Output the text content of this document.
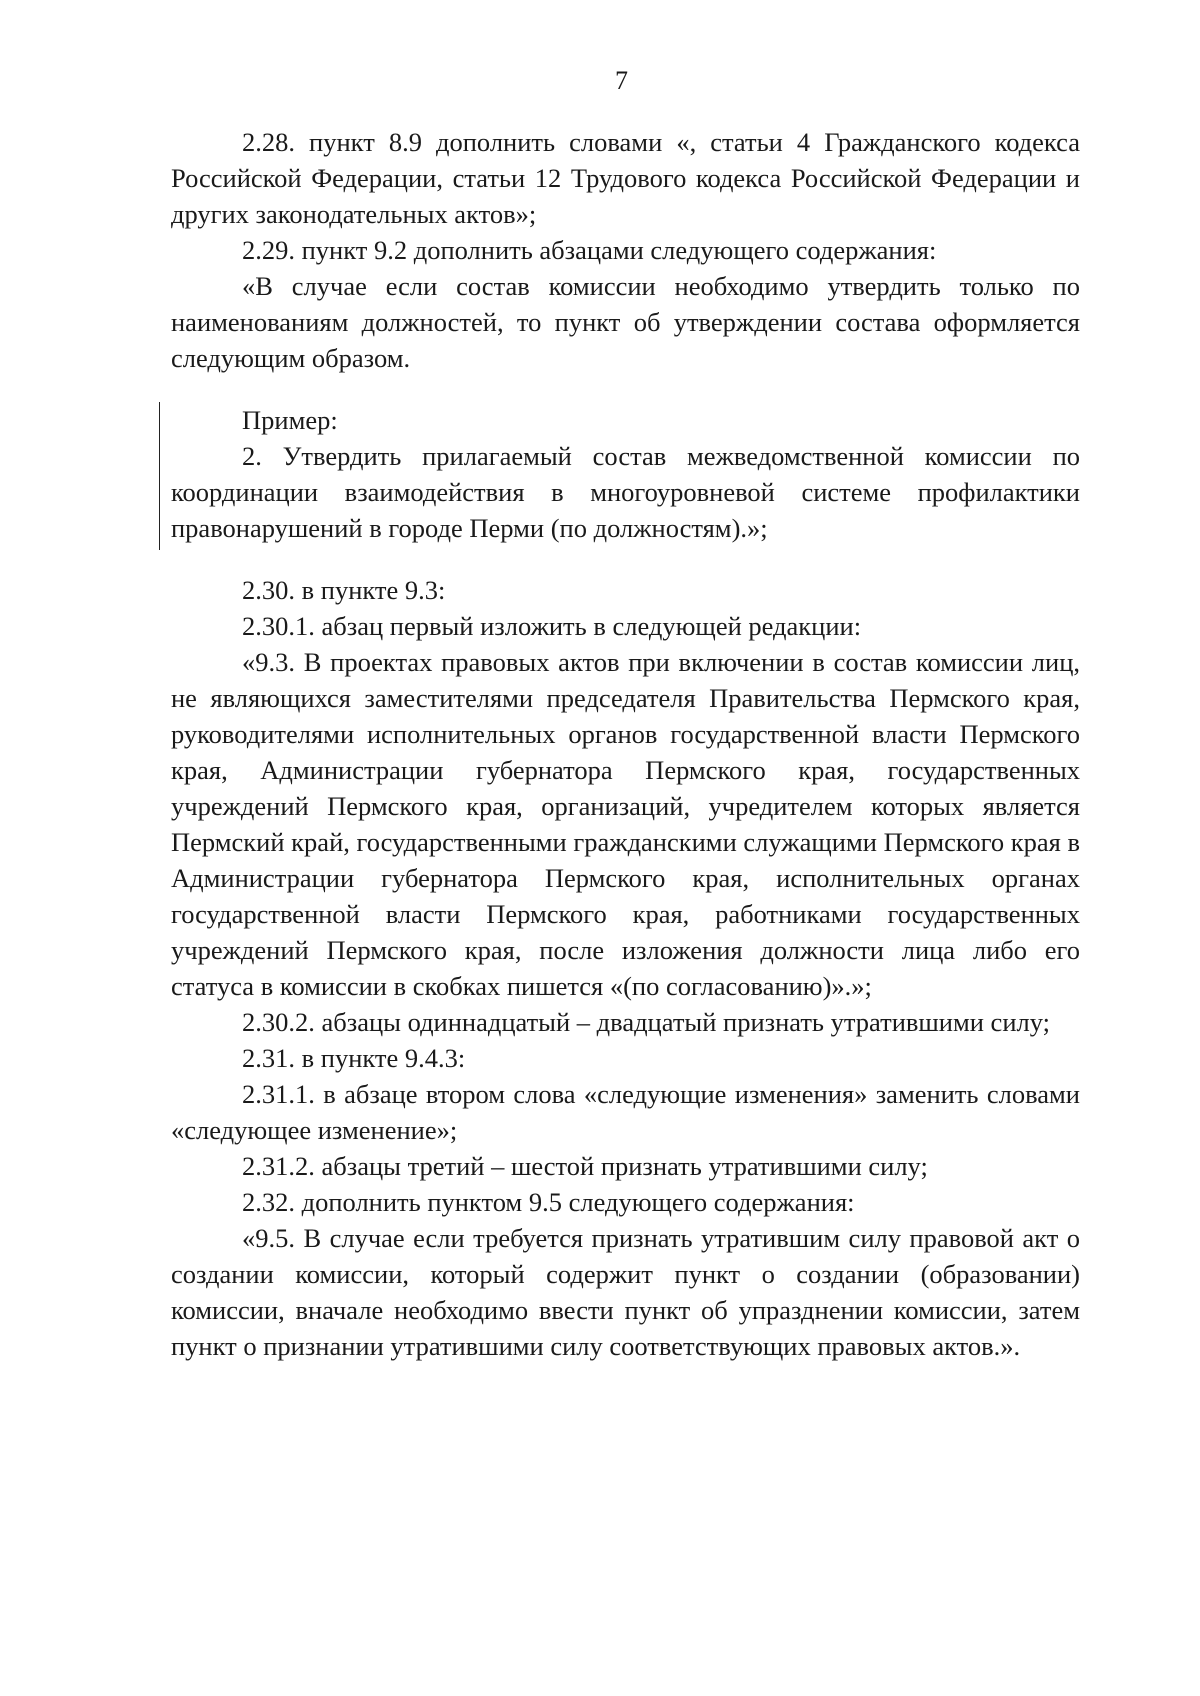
7

2.28. пункт 8.9 дополнить словами «, статьи 4 Гражданского кодекса Российской Федерации, статьи 12 Трудового кодекса Российской Федерации и других законодательных актов»;

2.29. пункт 9.2 дополнить абзацами следующего содержания:

«В случае если состав комиссии необходимо утвердить только по наименованиям должностей, то пункт об утверждении состава оформляется следующим образом.

Пример:

2. Утвердить прилагаемый состав межведомственной комиссии по координации взаимодействия в многоуровневой системе профилактики правонарушений в городе Перми (по должностям).»;

2.30. в пункте 9.3:

2.30.1. абзац первый изложить в следующей редакции:

«9.3. В проектах правовых актов при включении в состав комиссии лиц, не являющихся заместителями председателя Правительства Пермского края, руководителями исполнительных органов государственной власти Пермского края, Администрации губернатора Пермского края, государственных учреждений Пермского края, организаций, учредителем которых является Пермский край, государственными гражданскими служащими Пермского края в Администрации губернатора Пермского края, исполнительных органах государственной власти Пермского края, работниками государственных учреждений Пермского края, после изложения должности лица либо его статуса в комиссии в скобках пишется «(по согласованию)».»;

2.30.2. абзацы одиннадцатый – двадцатый признать утратившими силу;

2.31. в пункте 9.4.3:

2.31.1. в абзаце втором слова «следующие изменения» заменить словами «следующее изменение»;

2.31.2. абзацы третий – шестой признать утратившими силу;

2.32. дополнить пунктом 9.5 следующего содержания:

«9.5. В случае если требуется признать утратившим силу правовой акт о создании комиссии, который содержит пункт о создании (образовании) комиссии, вначале необходимо ввести пункт об упразднении комиссии, затем пункт о признании утратившими силу соответствующих правовых актов.».
